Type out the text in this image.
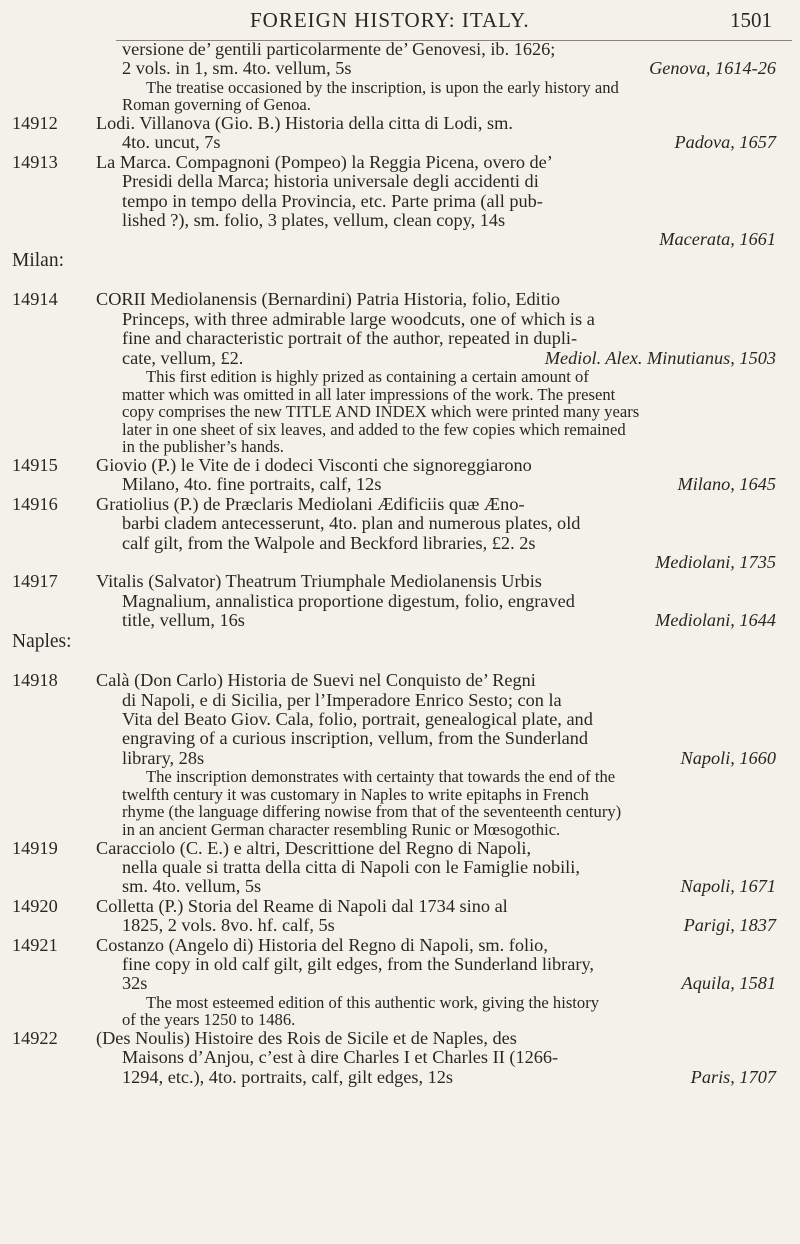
FOREIGN HISTORY: ITALY.	1501

versione de’ gentili particolarmente de’ Genovesi, ib. 1626;

2 vols. in 1, sm. 4to. vellum, 5s	Genova, 1614-26

The treatise occasioned by the inscription, is upon the early history and

Roman governing of Genoa.

14912	Lodi. Villanova (Gio. B.) Historia della citta di Lodi, sm.

4to. uncut, 7s	Padova, 1657

14913	La Marca. Compagnoni (Pompeo) la Reggia Picena, overo de’

Presidi della Marca; historia universale degli accidenti di

tempo in tempo della Provincia, etc. Parte prima (all pub-

lished ?), sm. folio, 3 plates, vellum, clean copy, 14s

Macerata, 1661

Milan:

14914	CORII Mediolanensis (Bernardini) Patria Historia, folio, Editio

Princeps, with three admirable large woodcuts, one of which is a

fine and characteristic portrait of the author, repeated in dupli-

cate, vellum, £2.	Mediol. Alex. Minutianus, 1503

This first edition is highly prized as containing a certain amount of

matter which was omitted in all later impressions of the work. The present

copy comprises the new TITLE AND INDEX which were printed many years

later in one sheet of six leaves, and added to the few copies which remained

in the publisher’s hands.

14915	Giovio (P.) le Vite de i dodeci Visconti che signoreggiarono

Milano, 4to. fine portraits, calf, 12s	Milano, 1645

14916	Gratiolius (P.) de Præclaris Mediolani Ædificiis quæ Æno-

barbi cladem antecesserunt, 4to. plan and numerous plates, old

calf gilt, from the Walpole and Beckford libraries, £2. 2s

Mediolani, 1735

14917	Vitalis (Salvator) Theatrum Triumphale Mediolanensis Urbis

Magnalium, annalistica proportione digestum, folio, engraved

title, vellum, 16s	Mediolani, 1644

Naples:

14918	Calà (Don Carlo) Historia de Suevi nel Conquisto de’ Regni

di Napoli, e di Sicilia, per l’Imperadore Enrico Sesto; con la

Vita del Beato Giov. Cala, folio, portrait, genealogical plate, and

engraving of a curious inscription, vellum, from the Sunderland

library, 28s	Napoli, 1660

The inscription demonstrates with certainty that towards the end of the

twelfth century it was customary in Naples to write epitaphs in French

rhyme (the language differing nowise from that of the seventeenth century)

in an ancient German character resembling Runic or Mœsogothic.

14919	Caracciolo (C. E.) e altri, Descrittione del Regno di Napoli,

nella quale si tratta della citta di Napoli con le Famiglie nobili,

sm. 4to. vellum, 5s	Napoli, 1671

14920	Colletta (P.) Storia del Reame di Napoli dal 1734 sino al

1825, 2 vols. 8vo. hf. calf, 5s	Parigi, 1837

14921	Costanzo (Angelo di) Historia del Regno di Napoli, sm. folio,

fine copy in old calf gilt, gilt edges, from the Sunderland library,

32s	Aquila, 1581

The most esteemed edition of this authentic work, giving the history

of the years 1250 to 1486.

14922	(Des Noulis) Histoire des Rois de Sicile et de Naples, des

Maisons d’Anjou, c’est à dire Charles I et Charles II (1266-

1294, etc.), 4to. portraits, calf, gilt edges, 12s	Paris, 1707
